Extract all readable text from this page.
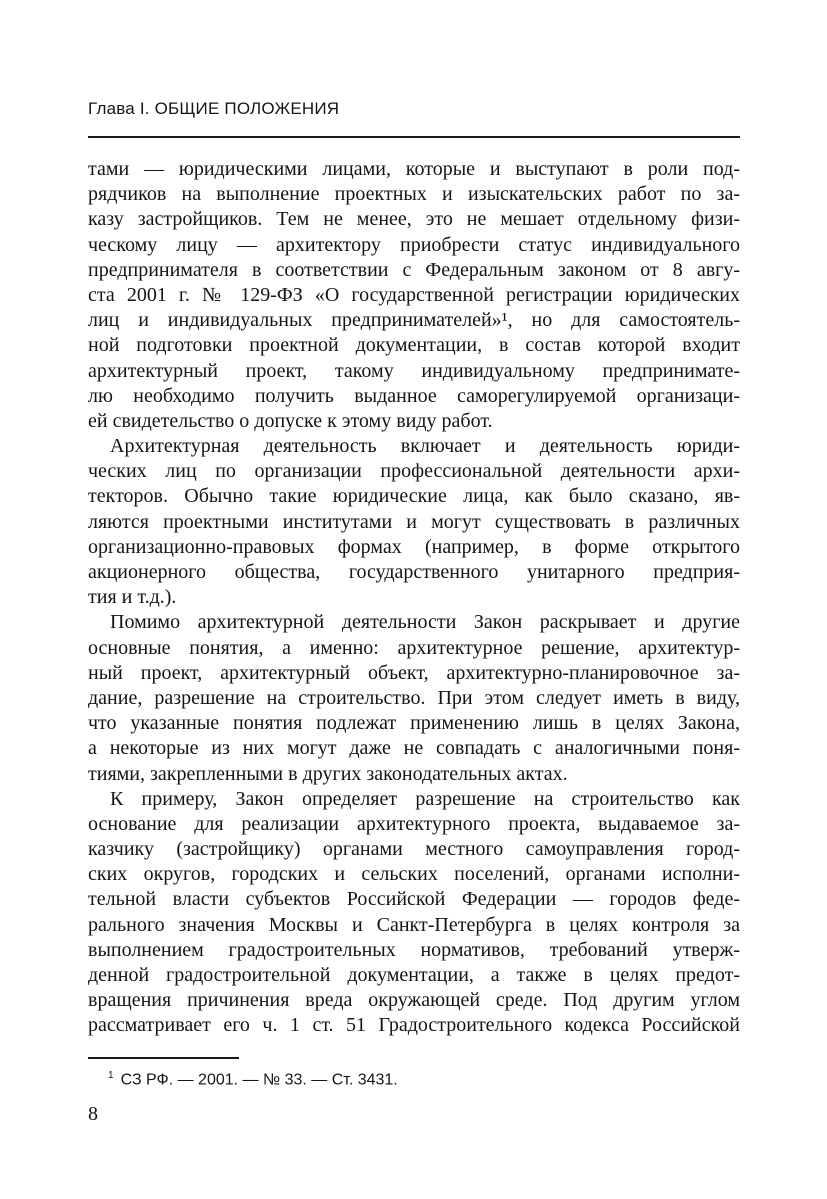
Глава I. ОБЩИЕ ПОЛОЖЕНИЯ
тами — юридическими лицами, которые и выступают в роли под-
рядчиков на выполнение проектных и изыскательских работ по за-
казу застройщиков. Тем не менее, это не мешает отдельному физи-
ческому лицу — архитектору приобрести статус индивидуального
предпринимателя в соответствии с Федеральным законом от 8 авгу-
ста 2001 г. № 129-ФЗ «О государственной регистрации юридических
лиц и индивидуальных предпринимателей»¹, но для самостоятель-
ной подготовки проектной документации, в состав которой входит
архитектурный проект, такому индивидуальному предпринимате-
лю необходимо получить выданное саморегулируемой организаци-
ей свидетельство о допуске к этому виду работ.
Архитектурная деятельность включает и деятельность юриди-
ческих лиц по организации профессиональной деятельности архи-
текторов. Обычно такие юридические лица, как было сказано, яв-
ляются проектными институтами и могут существовать в различных
организационно-правовых формах (например, в форме открытого
акционерного общества, государственного унитарного предприя-
тия и т.д.).
Помимо архитектурной деятельности Закон раскрывает и другие
основные понятия, а именно: архитектурное решение, архитектур-
ный проект, архитектурный объект, архитектурно-планировочное за-
дание, разрешение на строительство. При этом следует иметь в виду,
что указанные понятия подлежат применению лишь в целях Закона,
а некоторые из них могут даже не совпадать с аналогичными поня-
тиями, закрепленными в других законодательных актах.
К примеру, Закон определяет разрешение на строительство как
основание для реализации архитектурного проекта, выдаваемое за-
казчику (застройщику) органами местного самоуправления город-
ских округов, городских и сельских поселений, органами исполни-
тельной власти субъектов Российской Федерации — городов феде-
рального значения Москвы и Санкт-Петербурга в целях контроля за
выполнением градостроительных нормативов, требований утверж-
денной градостроительной документации, а также в целях предот-
вращения причинения вреда окружающей среде. Под другим углом
рассматривает его ч. 1 ст. 51 Градостроительного кодекса Российской
$^1$ СЗ РФ. — 2001. — № 33. — Ст. 3431.
8
